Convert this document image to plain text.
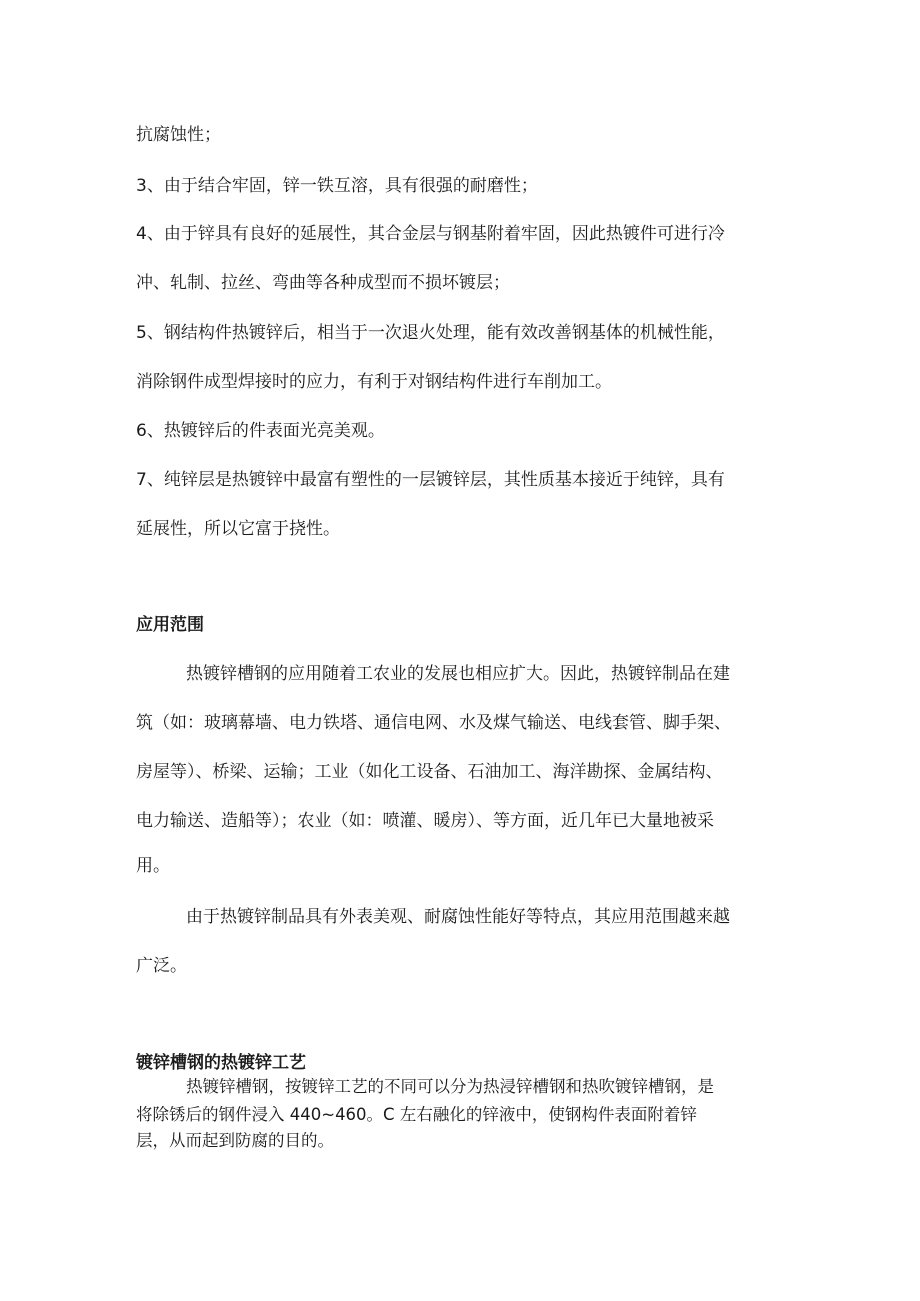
抗腐蚀性；
3、由于结合牢固，锌一铁互溶，具有很强的耐磨性；
4、由于锌具有良好的延展性，其合金层与钢基附着牢固，因此热镀件可进行冷
冲、轧制、拉丝、弯曲等各种成型而不损坏镀层；
5、钢结构件热镀锌后，相当于一次退火处理，能有效改善钢基体的机械性能，
消除钢件成型焊接时的应力，有利于对钢结构件进行车削加工。
6、热镀锌后的件表面光亮美观。
7、纯锌层是热镀锌中最富有塑性的一层镀锌层，其性质基本接近于纯锌，具有
延展性，所以它富于挠性。
应用范围
热镀锌槽钢的应用随着工农业的发展也相应扩大。因此，热镀锌制品在建
筑（如：玻璃幕墙、电力铁塔、通信电网、水及煤气输送、电线套管、脚手架、
房屋等）、桥梁、运输；工业（如化工设备、石油加工、海洋勘探、金属结构、
电力输送、造船等）；农业（如：喷灌、暖房）、等方面，近几年已大量地被采
用。
由于热镀锌制品具有外表美观、耐腐蚀性能好等特点，其应用范围越来越
广泛。
镀锌槽钢的热镀锌工艺
热镀锌槽钢，按镀锌工艺的不同可以分为热浸锌槽钢和热吹镀锌槽钢，是
将除锈后的钢件浸入 440~460。C 左右融化的锌液中，使钢构件表面附着锌
层，从而起到防腐的目的。
